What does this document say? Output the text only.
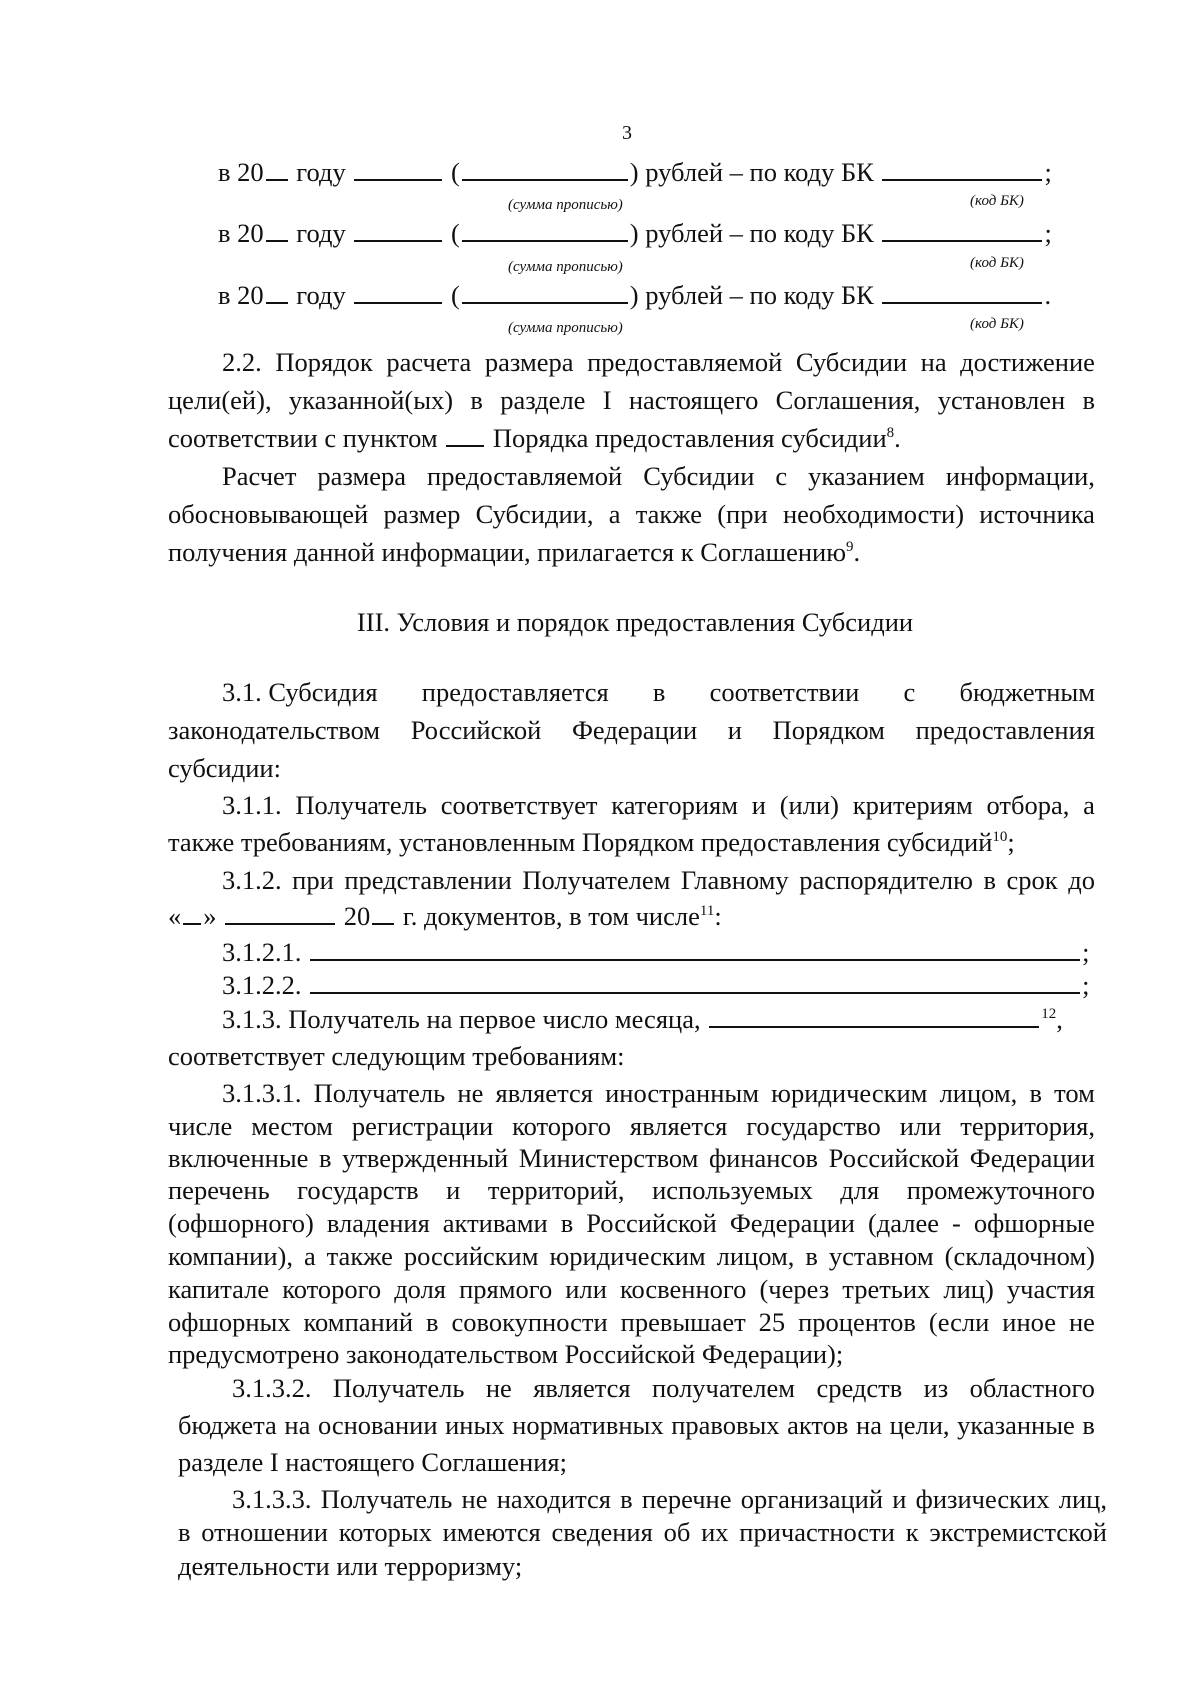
3
в 20 году	(	) рублей – по коду БК	;
(сумма прописью)	(код БК)
в 20 году	(	) рублей – по коду БК	;
(сумма прописью)	(код БК)
в 20 году	(	) рублей – по коду БК	.
(сумма прописью)	(код БК)
2.2. Порядок расчета размера предоставляемой Субсидии на достижение
цели(ей), указанной(ых) в разделе I настоящего Соглашения, установлен в
соответствии с пунктом Порядка предоставления субсидии$^8$.
Расчет размера предоставляемой Субсидии с указанием информации,
обосновывающей размер Субсидии, а также (при необходимости) источника
получения данной информации, прилагается к Соглашению$^9$.
III. Условия и порядок предоставления Субсидии
3.1. Субсидия предоставляется в соответствии с бюджетным
законодательством Российской Федерации и Порядком предоставления
субсидии:
3.1.1. Получатель соответствует категориям и (или) критериям отбора, а
также требованиям, установленным Порядком предоставления субсидий$^{10}$;
3.1.2. при представлении Получателем Главному распорядителю в срок до
« »	20 г. документов, в том числе$^{11}$:
3.1.2.1.	;
3.1.2.2.	;
3.1.3. Получатель на первое число месяца,	$^{12}$,
соответствует следующим требованиям:
3.1.3.1. Получатель не является иностранным юридическим лицом, в том
числе местом регистрации которого является государство или территория,
включенные в утвержденный Министерством финансов Российской Федерации
перечень государств и территорий, используемых для промежуточного
(офшорного) владения активами в Российской Федерации (далее - офшорные
компании), а также российским юридическим лицом, в уставном (складочном)
капитале которого доля прямого или косвенного (через третьих лиц) участия
офшорных компаний в совокупности превышает 25 процентов (если иное не
предусмотрено законодательством Российской Федерации);
3.1.3.2. Получатель не является получателем средств из областного
бюджета на основании иных нормативных правовых актов на цели, указанные в
разделе I настоящего Соглашения;
3.1.3.3. Получатель не находится в перечне организаций и физических лиц,
в отношении которых имеются сведения об их причастности к экстремистской
деятельности или терроризму;
